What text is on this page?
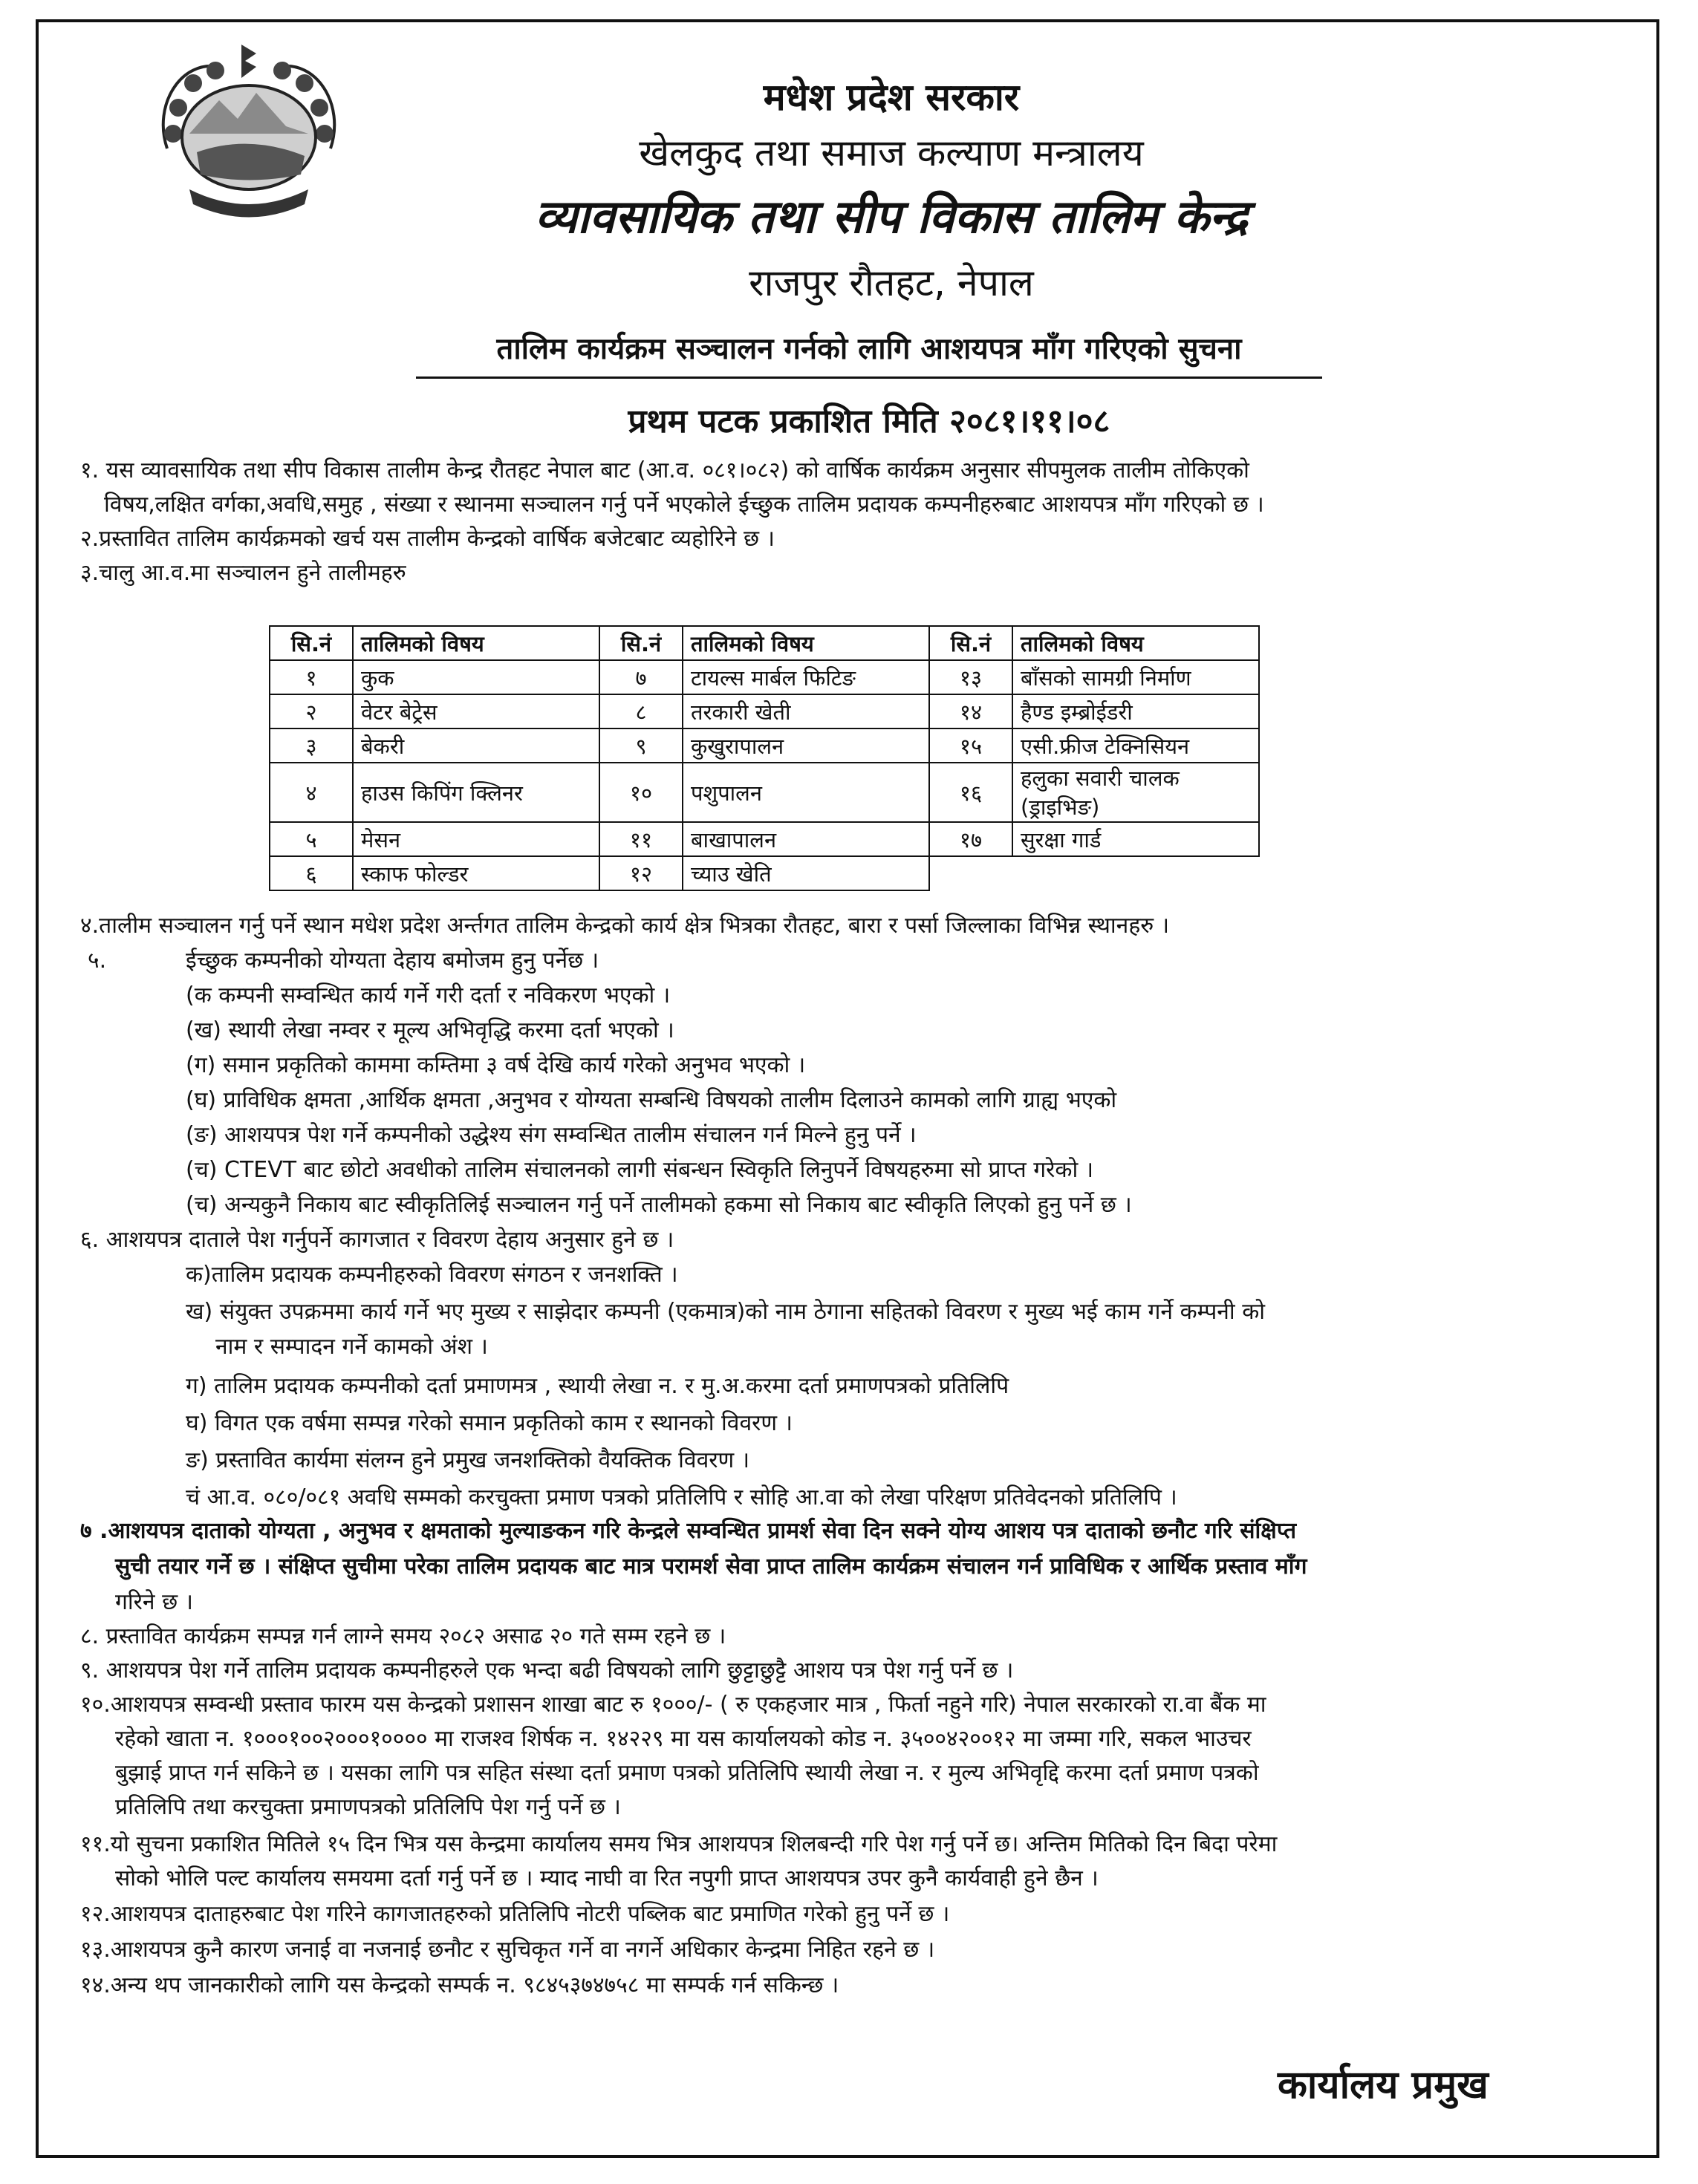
मधेश प्रदेश सरकार
खेलकुद तथा समाज कल्याण मन्त्रालय
व्यावसायिक तथा सीप विकास तालिम केन्द्र
राजपुर रौतहट, नेपाल
तालिम कार्यक्रम सञ्चालन गर्नको लागि आशयपत्र माँग गरिएको सुचना
प्रथम पटक प्रकाशित मिति २०८१।११।०८
१. यस व्यावसायिक तथा सीप विकास तालीम केन्द्र रौतहट नेपाल बाट (आ.व. ०८१।०८२) को वार्षिक कार्यक्रम अनुसार सीपमुलक तालीम तोकिएको
विषय,लक्षित वर्गका,अवधि,समुह , संख्या र स्थानमा सञ्चालन गर्नु पर्ने भएकोले ईच्छुक तालिम प्रदायक कम्पनीहरुबाट आशयपत्र माँग गरिएको छ ।
२.प्रस्तावित तालिम कार्यक्रमको खर्च यस तालीम केन्द्रको वार्षिक बजेटबाट व्यहोरिने छ ।
३.चालु आ.व.मा सञ्चालन हुने तालीमहरु
सि.नं	तालिमको विषय	सि.नं	तालिमको विषय	सि.नं	तालिमको विषय
१	कुक	७	टायल्स मार्बल फिटिङ	१३	बाँसको सामग्री निर्माण
२	वेटर बेट्रेस	८	तरकारी खेती	१४	हैण्ड इम्ब्रोईडरी
३	बेकरी	९	कुखुरापालन	१५	एसी.फ्रीज टेक्निसियन
४	हाउस किपिंग क्लिनर	१०	पशुपालन	१६	हलुका सवारी चालक (ड्राइभिङ)
५	मेसन	११	बाखापालन	१७	सुरक्षा गार्ड
६	स्काफ फोल्डर	१२	च्याउ खेति		
४.तालीम सञ्चालन गर्नु पर्ने स्थान मधेश प्रदेश अर्न्तगत तालिम केन्द्रको कार्य क्षेत्र भित्रका रौतहट, बारा र पर्सा जिल्लाका विभिन्न स्थानहरु ।
५.	ईच्छुक कम्पनीको योग्यता देहाय बमोजम हुनु पर्नेछ ।
(क कम्पनी सम्वन्धित कार्य गर्ने गरी दर्ता र नविकरण भएको ।
(ख) स्थायी लेखा नम्वर र मूल्य अभिवृद्धि करमा दर्ता भएको ।
(ग) समान प्रकृतिको काममा कम्तिमा ३ वर्ष देखि कार्य गरेको अनुभव भएको ।
(घ) प्राविधिक क्षमता ,आर्थिक क्षमता ,अनुभव र योग्यता सम्बन्धि विषयको तालीम दिलाउने कामको लागि ग्राह्य भएको
(ङ) आशयपत्र पेश गर्ने कम्पनीको उद्धेश्य संग सम्वन्धित तालीम संचालन गर्न मिल्ने हुनु पर्ने ।
(च) CTEVT बाट छोटो अवधीको तालिम संचालनको लागी संबन्धन स्विकृति लिनुपर्ने विषयहरुमा सो प्राप्त गरेको ।
(च) अन्यकुनै निकाय बाट स्वीकृतिलिई सञ्चालन गर्नु पर्ने तालीमको हकमा सो निकाय बाट स्वीकृति लिएको हुनु पर्ने छ ।
६. आशयपत्र दाताले पेश गर्नुपर्ने कागजात र विवरण देहाय अनुसार हुने छ ।
क)तालिम प्रदायक कम्पनीहरुको विवरण संगठन र जनशक्ति ।
ख) संयुक्त उपक्रममा कार्य गर्ने भए मुख्य र साझेदार कम्पनी (एकमात्र)को नाम ठेगाना सहितको विवरण र मुख्य भई काम गर्ने कम्पनी को
नाम र सम्पादन गर्ने कामको अंश ।
ग) तालिम प्रदायक कम्पनीको दर्ता प्रमाणमत्र , स्थायी लेखा न. र मु.अ.करमा दर्ता प्रमाणपत्रको प्रतिलिपि
घ) विगत एक वर्षमा सम्पन्न गरेको समान प्रकृतिको काम र स्थानको विवरण ।
ङ) प्रस्तावित कार्यमा संलग्न हुने प्रमुख जनशक्तिको वैयक्तिक विवरण ।
चं आ.व. ०८०/०८१ अवधि सम्मको करचुक्ता प्रमाण पत्रको प्रतिलिपि र सोहि आ.वा को लेखा परिक्षण प्रतिवेदनको प्रतिलिपि ।
७ .आशयपत्र दाताको योग्यता , अनुभव र क्षमताको मुल्याङकन गरि केन्द्रले सम्वन्धित प्रामर्श सेवा दिन सक्ने योग्य आशय पत्र दाताको छनौट गरि संक्षिप्त
सुची तयार गर्ने छ । संक्षिप्त सुचीमा परेका तालिम प्रदायक बाट मात्र परामर्श सेवा प्राप्त तालिम कार्यक्रम संचालन गर्न प्राविधिक र आर्थिक प्रस्ताव माँग
गरिने छ ।
८. प्रस्तावित कार्यक्रम सम्पन्न गर्न लाग्ने समय २०८२ असाढ २० गते सम्म रहने छ ।
९. आशयपत्र पेश गर्ने तालिम प्रदायक कम्पनीहरुले एक भन्दा बढी विषयको लागि छुट्टाछुट्टै आशय पत्र पेश गर्नु पर्ने छ ।
१०.आशयपत्र सम्वन्धी प्रस्ताव फारम यस केन्द्रको प्रशासन शाखा बाट रु १०००/- ( रु एकहजार मात्र , फिर्ता नहुने गरि) नेपाल सरकारको रा.वा बैंक मा
रहेको खाता न. १०००१००२०००१०००० मा राजश्व शिर्षक न. १४२२९ मा यस कार्यालयको कोड न. ३५००४२००१२ मा जम्मा गरि, सकल भाउचर
बुझाई प्राप्त गर्न सकिने छ । यसका लागि पत्र सहित संस्था दर्ता प्रमाण पत्रको प्रतिलिपि स्थायी लेखा न. र मुल्य अभिवृद्दि करमा दर्ता प्रमाण पत्रको
प्रतिलिपि तथा करचुक्ता प्रमाणपत्रको प्रतिलिपि पेश गर्नु पर्ने छ ।
११.यो सुचना प्रकाशित मितिले १५ दिन भित्र यस केन्द्रमा कार्यालय समय भित्र आशयपत्र शिलबन्दी गरि पेश गर्नु पर्ने छ। अन्तिम मितिको दिन बिदा परेमा
सोको भोलि पल्ट कार्यालय समयमा दर्ता गर्नु पर्ने छ । म्याद नाघी वा रित नपुगी प्राप्त आशयपत्र उपर कुनै कार्यवाही हुने छैन ।
१२.आशयपत्र दाताहरुबाट पेश गरिने कागजातहरुको प्रतिलिपि नोटरी पब्लिक बाट प्रमाणित गरेको हुनु पर्ने छ ।
१३.आशयपत्र कुनै कारण जनाई वा नजनाई छनौट र सुचिकृत गर्ने वा नगर्ने अधिकार केन्द्रमा निहित रहने छ ।
१४.अन्य थप जानकारीको लागि यस केन्द्रको सम्पर्क न. ९८४५३७४७५८ मा सम्पर्क गर्न सकिन्छ ।
कार्यालय प्रमुख
